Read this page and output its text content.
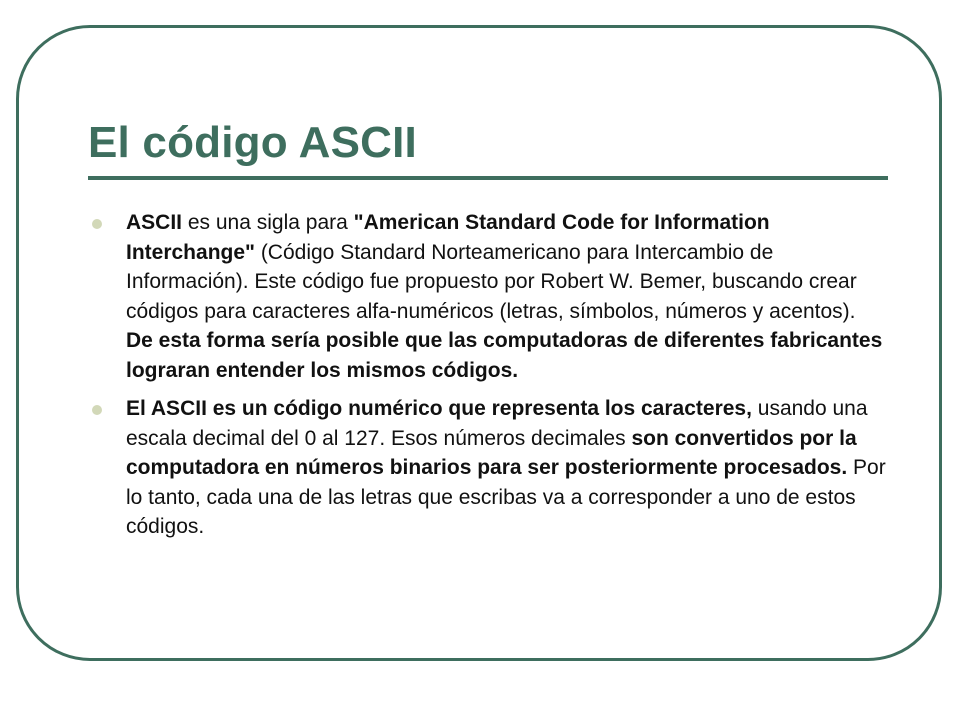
El código ASCII
ASCII es una sigla para "American Standard Code for Information Interchange" (Código Standard Norteamericano para Intercambio de Información). Este código fue propuesto por Robert W. Bemer, buscando crear códigos para caracteres alfa-numéricos (letras, símbolos, números y acentos). De esta forma sería posible que las computadoras de diferentes fabricantes lograran entender los mismos códigos.
El ASCII es un código numérico que representa los caracteres, usando una escala decimal del 0 al 127. Esos números decimales son convertidos por la computadora en números binarios para ser posteriormente procesados. Por lo tanto, cada una de las letras que escribas va a corresponder a uno de estos códigos.
